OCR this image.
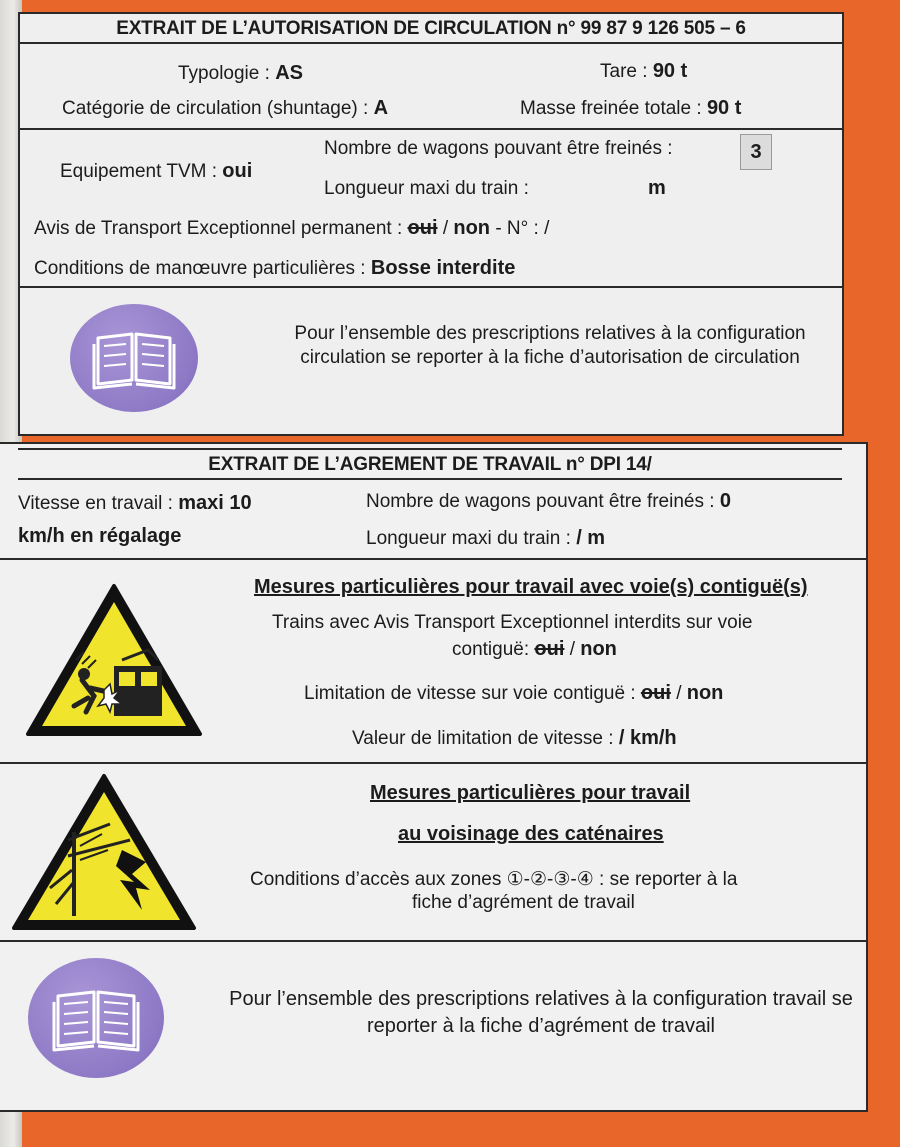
EXTRAIT DE L’AUTORISATION DE CIRCULATION n° 99 87 9 126 505 – 6
Typologie : AS	Tare : 90 t
Catégorie de circulation (shuntage) : A	Masse freinée totale : 90 t
Equipement TVM : oui
Nombre de wagons pouvant être freinés :	3
Longueur maxi du train :	m
Avis de Transport Exceptionnel permanent : oui / non - N° : /
Conditions de manœuvre particulières : Bosse interdite
Pour l’ensemble des prescriptions relatives à la configuration circulation se reporter à la fiche d’autorisation de circulation
EXTRAIT DE L’AGREMENT DE TRAVAIL n° DPI 14/
Vitesse en travail : maxi 10
km/h en régalage
Nombre de wagons pouvant être freinés : 0
Longueur maxi du train : / m
Mesures particulières pour travail avec voie(s) contiguë(s)
Trains avec Avis Transport Exceptionnel interdits sur voie
contiguë: oui / non
Limitation de vitesse sur voie contiguë : oui / non
Valeur de limitation de vitesse : / km/h
Mesures particulières pour travail
au voisinage des caténaires
Conditions d’accès aux zones ①-②-③-④ : se reporter à la
fiche d’agrément de travail
Pour l’ensemble des prescriptions relatives à la configuration travail se reporter à la fiche d’agrément de travail
